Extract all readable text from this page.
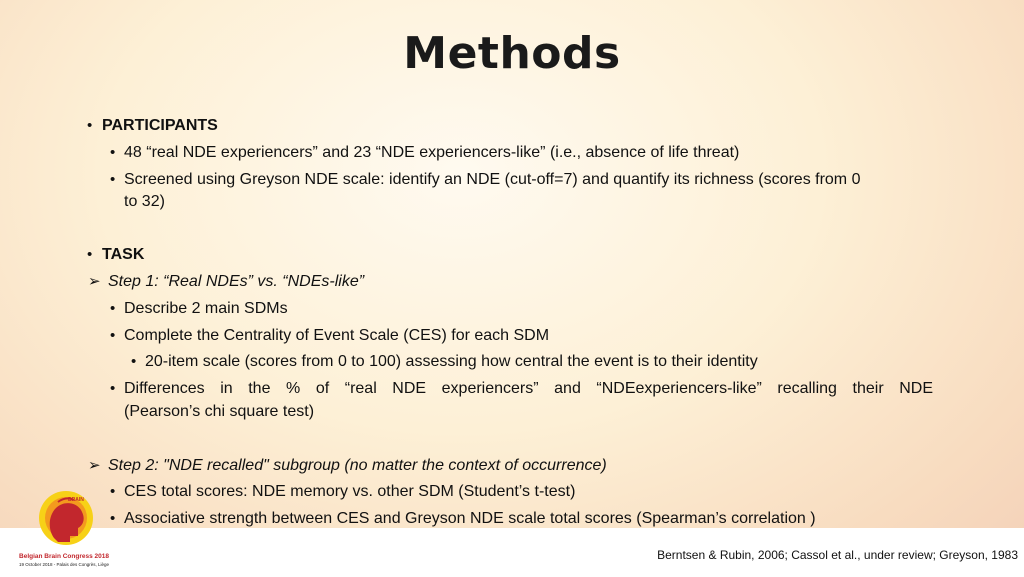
Methods
• PARTICIPANTS
• 48 “real NDE experiencers” and 23 “NDE experiencers-like” (i.e., absence of life threat)
• Screened using Greyson NDE scale: identify an NDE (cut-off=7) and quantify its richness (scores from 0
to 32)
• TASK
➢ Step 1: “Real NDEs” vs. “NDEs-like”
• Describe 2 main SDMs
• Complete the Centrality of Event Scale (CES) for each SDM
• 20-item scale (scores from 0 to 100) assessing how central the event is to their identity
• Differences in the % of “real NDE experiencers” and “NDEexperiencers-like” recalling their NDE
(Pearson’s chi square test)
➢ Step 2: "NDE recalled" subgroup (no matter the context of occurrence)
• CES total scores: NDE memory vs. other SDM (Student’s t-test)
• Associative strength between CES and Greyson NDE scale total scores (Spearman’s correlation )
Berntsen & Rubin, 2006; Cassol et al., under review; Greyson, 1983
BRAIN
Belgian Brain Congress 2018
19 October 2018 - Palais des Congrès, Liège
